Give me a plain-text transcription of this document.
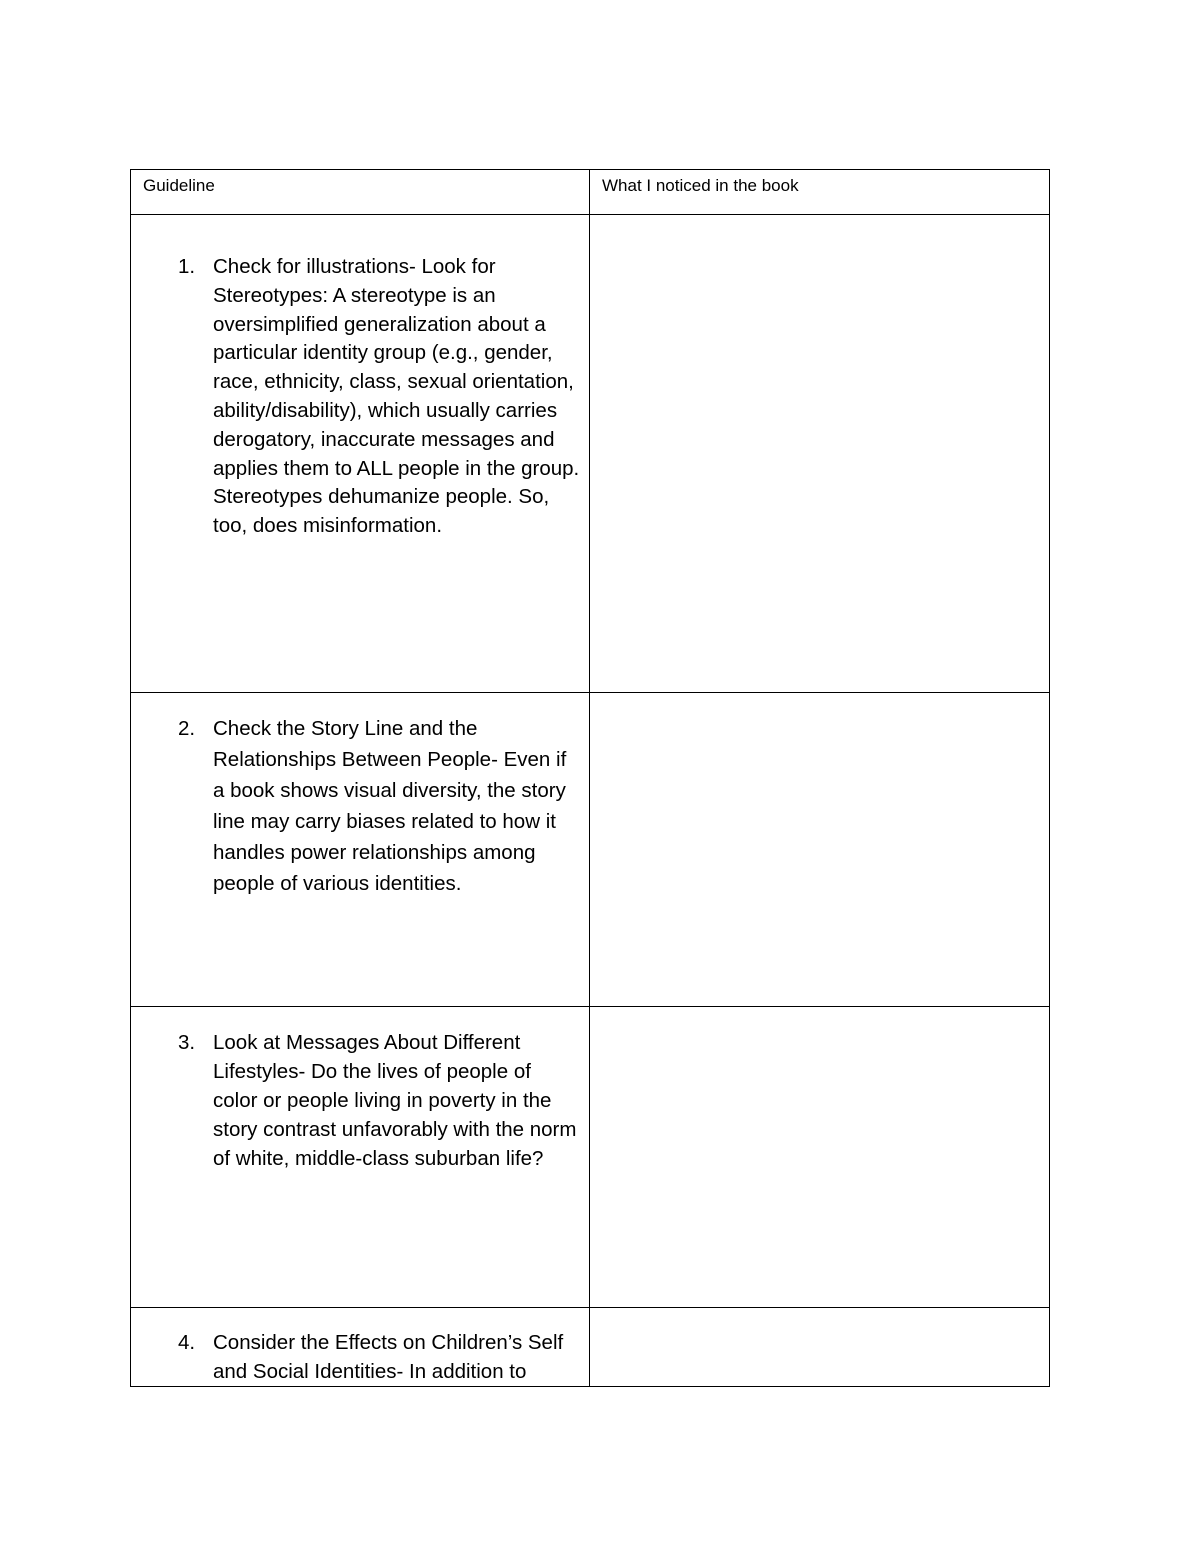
Guideline	What I noticed in the book

1. Check for illustrations- Look for Stereotypes: A stereotype is an oversimplified generalization about a particular identity group (e.g., gender, race, ethnicity, class, sexual orientation, ability/disability), which usually carries derogatory, inaccurate messages and applies them to ALL people in the group. Stereotypes dehumanize people. So, too, does misinformation.	

2. Check the Story Line and the Relationships Between People- Even if a book shows visual diversity, the story line may carry biases related to how it handles power relationships among people of various identities.	

3. Look at Messages About Different Lifestyles- Do the lives of people of color or people living in poverty in the story contrast unfavorably with the norm of white, middle-class suburban life?	

4. Consider the Effects on Children’s Self and Social Identities- In addition to	
